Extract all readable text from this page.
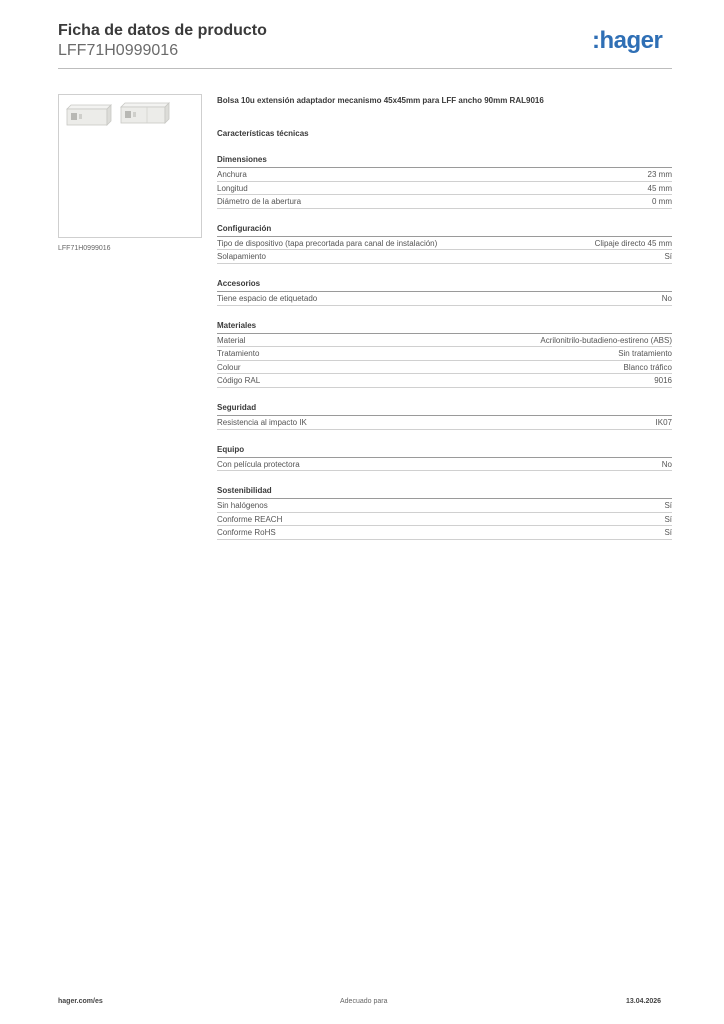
Ficha de datos de producto
LFF71H0999016	:hager
LFF71H0999016
Bolsa 10u extensión adaptador mecanismo 45x45mm para LFF ancho 90mm RAL9016
Características técnicas
Dimensiones
Anchura	23 mm
Longitud	45 mm
Diámetro de la abertura	0 mm
Configuración
Tipo de dispositivo (tapa precortada para canal de instalación)	Clipaje directo 45 mm
Solapamiento	Sí
Accesorios
Tiene espacio de etiquetado	No
Materiales
Material	Acrilonitrilo-butadieno-estireno (ABS)
Tratamiento	Sin tratamiento
Colour	Blanco tráfico
Código RAL	9016
Seguridad
Resistencia al impacto IK	IK07
Equipo
Con película protectora	No
Sostenibilidad
Sin halógenos	Sí
Conforme REACH	Sí
Conforme RoHS	Sí
hager.com/es	Adecuado para	13.04.2026
